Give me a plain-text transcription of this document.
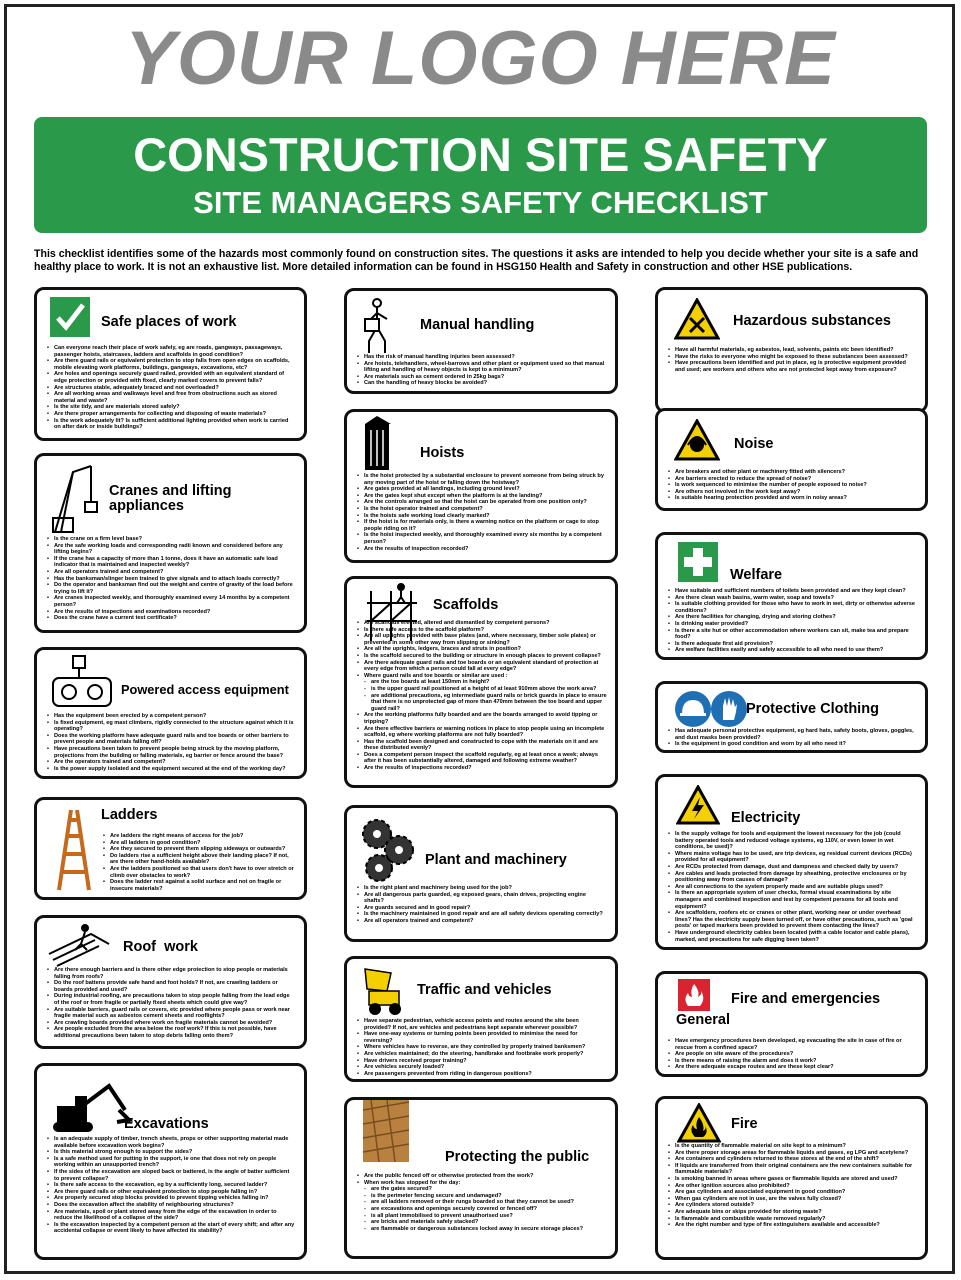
YOUR LOGO HERE
CONSTRUCTION SITE SAFETY
SITE MANAGERS SAFETY CHECKLIST
This checklist identifies some of the hazards most commonly found on construction sites. The questions it asks are intended to help you decide whether your site is a safe and healthy place to work. It is not an exhaustive list. More detailed information can be found in HSG150 Health and Safety in construction and other HSE publications.
Safe places of work
• Can everyone reach their place of work safely, eg are roads, gangways, passageways, passenger hoists, staircases, ladders and scaffolds in good condition?
• Are there guard rails or equivalent protection to stop falls from open edges on scaffolds, mobile elevating work platforms, buildings, gangways, excavations, etc?
• Are holes and openings securely guard railed, provided with an equivalent standard of edge protection or provided with fixed, clearly marked covers to prevent falls?
• Are structures stable, adequately braced and not overloaded?
• Are all working areas and walkways level and free from obstructions such as stored material and waste?
• Is the site tidy, and are materials stored safely?
• Are there proper arrangements for collecting and disposing of waste materials?
• Is the work adequately lit? Is sufficient additional lighting provided when work is carried on after dark or inside buildings?
Cranes and lifting
appliances
• Is the crane on a firm level base?
• Are the safe working loads and corresponding radii known and considered before any lifting begins?
• If the crane has a capacity of more than 1 tonne, does it have an automatic safe load indicator that is maintained and inspected weekly?
• Are all operators trained and competent?
• Has the banksman/slinger been trained to give signals and to attach loads correctly?
• Do the operator and banksman find out the weight and centre of gravity of the load before trying to lift it?
• Are cranes inspected weekly, and thoroughly examined every 14 months by a competent person?
• Are the results of inspections and examinations recorded?
• Does the crane have a current test certificate?
Powered access equipment
• Has the equipment been erected by a competent person?
• Is fixed equipment, eg mast climbers, rigidly connected to the structure against which it is operating?
• Does the working platform have adequate guard rails and toe boards or other barriers to prevent people and materials falling off?
• Have precautions been taken to prevent people being struck by the moving platform, projections from the building or falling materials, eg barrier or fence around the base?
• Are the operators trained and competent?
• Is the power supply isolated and the equipment secured at the end of the working day?
Ladders
• Are ladders the right means of access for the job?
• Are all ladders in good condition?
• Are they secured to prevent them slipping sideways or outwards?
• Do ladders rise a sufficient height above their landing place? If not, are there other hand-holds available?
• Are the ladders positioned so that users don't have to over stretch or climb over obstacles to work?
• Does the ladder rest against a solid surface and not on fragile or insecure materials?
Roof  work
• Are there enough barriers and is there other edge protection to stop people or materials falling from roofs?
• Do the roof battens provide safe hand and foot holds? If not, are crawling ladders or boards provided and used?
• During industrial roofing, are precautions taken to stop people falling from the lead edge of the roof or from fragile or partially fixed sheets which could give way?
• Are suitable barriers, guard rails or covers, etc provided where people pass or work near fragile material such as asbestos cement sheets and rooflights?
• Are crawling boards provided where work on fragile materials cannot be avoided?
• Are people excluded from the area below the roof work? If this is not possible, have additional precautions been taken to stop debris falling onto them?
Excavations
• Is an adequate supply of timber, trench sheets, props or other supporting material made available before excavation work begins?
• Is this material strong enough to support the sides?
• Is a safe method used for putting in the support, ie one that does not rely on people working within an unsupported trench?
• If the sides of the excavation are sloped back or battered, is the angle of batter sufficient to prevent collapse?
• Is there safe access to the excavation, eg by a sufficiently long, secured ladder?
• Are there guard rails or other equivalent protection to stop people falling in?
• Are properly secured stop blocks provided to prevent tipping vehicles falling in?
• Does the excavation affect the stability of neighbouring structures?
• Are materials, spoil or plant stored away from the edge of the excavation in order to reduce the likelihood of a collapse of the side?
• Is the excavation inspected by a competent person at the start of every shift; and after any accidental collapse or event likely to have affected its stability?
Manual handling
• Has the risk of manual handling injuries been assessed?
• Are hoists, telehandlers, wheel-barrows and other plant or equipment used so that manual lifting and handling of heavy objects is kept to a minimum?
• Are materials such as cement ordered in 25kg bags?
• Can the handling of heavy blocks be avoided?
Hoists
• Is the hoist protected by a substantial enclosure to prevent someone from being struck by any moving part of the hoist or falling down the hoistway?
• Are gates provided at all landings, including ground level?
• Are the gates kept shut except when the platform is at the landing?
• Are the controls arranged so that the hoist can be operated from one position only?
• Is the hoist operator trained and competent?
• Is the hoists safe working load clearly marked?
• If the hoist is for materials only, is there a warning notice on the platform or cage to stop people riding on it?
• Is the hoist inspected weekly, and thoroughly examined every six months by a competent person?
• Are the results of inspection recorded?
Scaffolds
• Are scaffolds erected, altered and dismantled by competent persons?
• Is there safe access to the scaffold platform?
• Are all uprights provided with base plates (and, where necessary, timber sole plates) or prevented in some other way from slipping or sinking?
• Are all the uprights, ledgers, braces and struts in position?
• Is the scaffold secured to the building or structure in enough places to prevent collapse?
• Are there adequate guard rails and toe boards or an equivalent standard of protection at every edge from which a person could fall at every edge?
• Where guard rails and toe boards or similar are used :
- are the toe boards at least 150mm in height?
- is the upper guard rail positioned at a height of at least 910mm above the work area?
- are additional precautions, eg intermediate guard rails or brick guards in place to ensure that there is no unprotected gap of more than 470mm between the toe board and upper guard rail?
• Are the working platforms fully boarded and are the boards arranged to avoid tipping or tripping?
• Are there effective barriers or warning notices in place to stop people using an incomplete scaffold, eg where working platforms are not fully boarded?
• Has the scaffold been designed and constructed to cope with the materials on it and are these distributed evenly?
• Does a competent person inspect the scaffold regularly, eg at least once a week; always after it has been substantially altered, damaged and following extreme weather?
• Are the results of inspections recorded?
Plant and machinery
• Is the right plant and machinery being used for the job?
• Are all dangerous parts guarded, eg exposed gears, chain drives, projecting engine shafts?
• Are guards secured and in good repair?
• Is the machinery maintained in good repair and are all safety devices operating correctly?
• Are all operators trained and competent?
Traffic and vehicles
• Have separate pedestrian, vehicle access points and routes around the site been provided? If not, are vehicles and pedestrians kept separate wherever possible?
• Have one-way systems or turning points been provided to minimise the need for reversing?
• Where vehicles have to reverse, are they controlled by properly trained banksmen?
• Are vehicles maintained; do the steering, handbrake and footbrake work properly?
• Have drivers received proper training?
• Are vehicles securely loaded?
• Are passengers prevented from riding in dangerous positions?
Protecting the public
• Are the public fenced off or otherwise protected from the work?
• When work has stopped for the day:
- are the gates secured?
- is the perimeter fencing secure and undamaged?
- are all ladders removed or their rungs boarded so that they cannot be used?
- are excavations and openings securely covered or fenced off?
- is all plant immobilised to prevent unauthorised use?
- are bricks and materials safely stacked?
- are flammable or dangerous substances locked away in secure storage places?
Hazardous substances
• Have all harmful materials, eg asbestos, lead, solvents, paints etc been identified?
• Have the risks to everyone who might be exposed to these substances been assessed?
• Have precautions been identified and put in place, eg is protective equipment provided and used; are workers and others who are not protected kept away from exposure?
Noise
• Are breakers and other plant or machinery fitted with silencers?
• Are barriers erected to reduce the spread of noise?
• Is work sequenced to minimise the number of people exposed to noise?
• Are others not involved in the work kept away?
• Is suitable hearing protection provided and worn in noisy areas?
Welfare
• Have suitable and sufficient numbers of toilets been provided and are they kept clean?
• Are there clean wash basins, warm water, soap and towels?
• Is suitable clothing provided for those who have to work in wet, dirty or otherwise adverse conditions?
• Are there facilities for changing, drying and storing clothes?
• Is drinking water provided?
• Is there a site hut or other accommodation where workers can sit, make tea and prepare food?
• Is there adequate first aid provision?
• Are welfare facilities easily and safely accessible to all who need to use them?
Protective Clothing
• Has adequate personal protective equipment, eg hard hats, safety boots, gloves, goggles, and dust masks been provided?
• Is the equipment in good condition and worn by all who need it?
Electricity
• Is the supply voltage for tools and equipment the lowest necessary for the job (could battery operated tools and reduced voltage systems, eg 110V, or even lower in wet conditions, be used)?
• Where mains voltage has to be used, are trip devices, eg residual current devices (RCDs) provided for all equipment?
• Are RCDs protected from damage, dust and dampness and checked daily by users?
• Are cables and leads protected from damage by sheathing, protective enclosures or by positioning away from causes of damage?
• Are all connections to the system properly made and are suitable plugs used?
• Is there an appropriate system of user checks, formal visual examinations by site managers and combined inspection and test by competent persons for all tools and equipment?
• Are scaffolders, roofers etc or cranes or other plant, working near or under overhead lines? Has the electricity supply been turned off, or have other precautions, such as 'goal posts' or taped markers been provided to prevent them contacting the lines?
• Have underground electricity cables been located (with a cable locator and cable plans), marked, and precautions for safe digging been taken?
Fire and emergencies
General
• Have emergency procedures been developed, eg evacuating the site in case of fire or rescue from a confined space?
• Are people on site aware of the procedures?
• Is there means of raising the alarm and does it work?
• Are there adequate escape routes and are these kept clear?
Fire
• Is the quantity of flammable material on site kept to a minimum?
• Are there proper storage areas for flammable liquids and gases, eg LPG and acetylene?
• Are containers and cylinders returned to these stores at the end of the shift?
• If liquids are transferred from their original containers are the new containers suitable for flammable materials?
• Is smoking banned in areas where gases or flammable liquids are stored and used?
• Are other ignition sources also prohibited?
• Are gas cylinders and associated equipment in good condition?
• When gas cylinders are not in use, are the valves fully closed?
• Are cylinders stored outside?
• Are adequate bins or skips provided for storing waste?
• Is flammable and combustible waste removed regularly?
• Are the right number and type of fire extinguishers available and accessible?
